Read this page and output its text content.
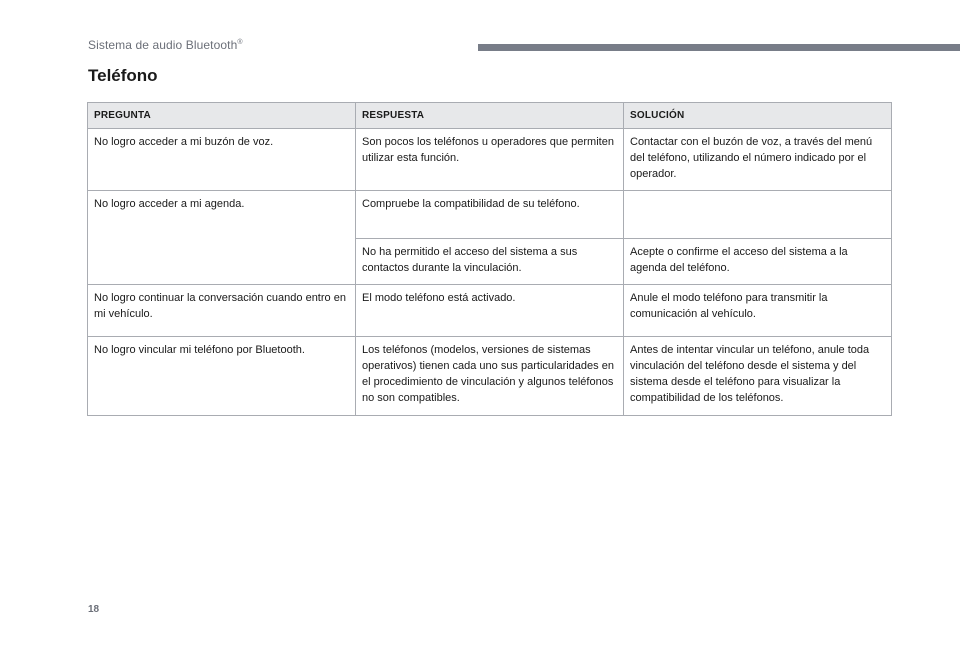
Sistema de audio Bluetooth®
Teléfono
PREGUNTA	RESPUESTA	SOLUCIÓN
No logro acceder a mi buzón de voz.	Son pocos los teléfonos u operadores que permiten utilizar esta función.	Contactar con el buzón de voz, a través del menú del teléfono, utilizando el número indicado por el operador.
No logro acceder a mi agenda.	Compruebe la compatibilidad de su teléfono.	
	No ha permitido el acceso del sistema a sus contactos durante la vinculación.	Acepte o confirme el acceso del sistema a la agenda del teléfono.
No logro continuar la conversación cuando entro en mi vehículo.	El modo teléfono está activado.	Anule el modo teléfono para transmitir la comunicación al vehículo.
No logro vincular mi teléfono por Bluetooth.	Los teléfonos (modelos, versiones de sistemas operativos) tienen cada uno sus particularidades en el procedimiento de vinculación y algunos teléfonos no son compatibles.	Antes de intentar vincular un teléfono, anule toda vinculación del teléfono desde el sistema y del sistema desde el teléfono para visualizar la compatibilidad de los teléfonos.
18
